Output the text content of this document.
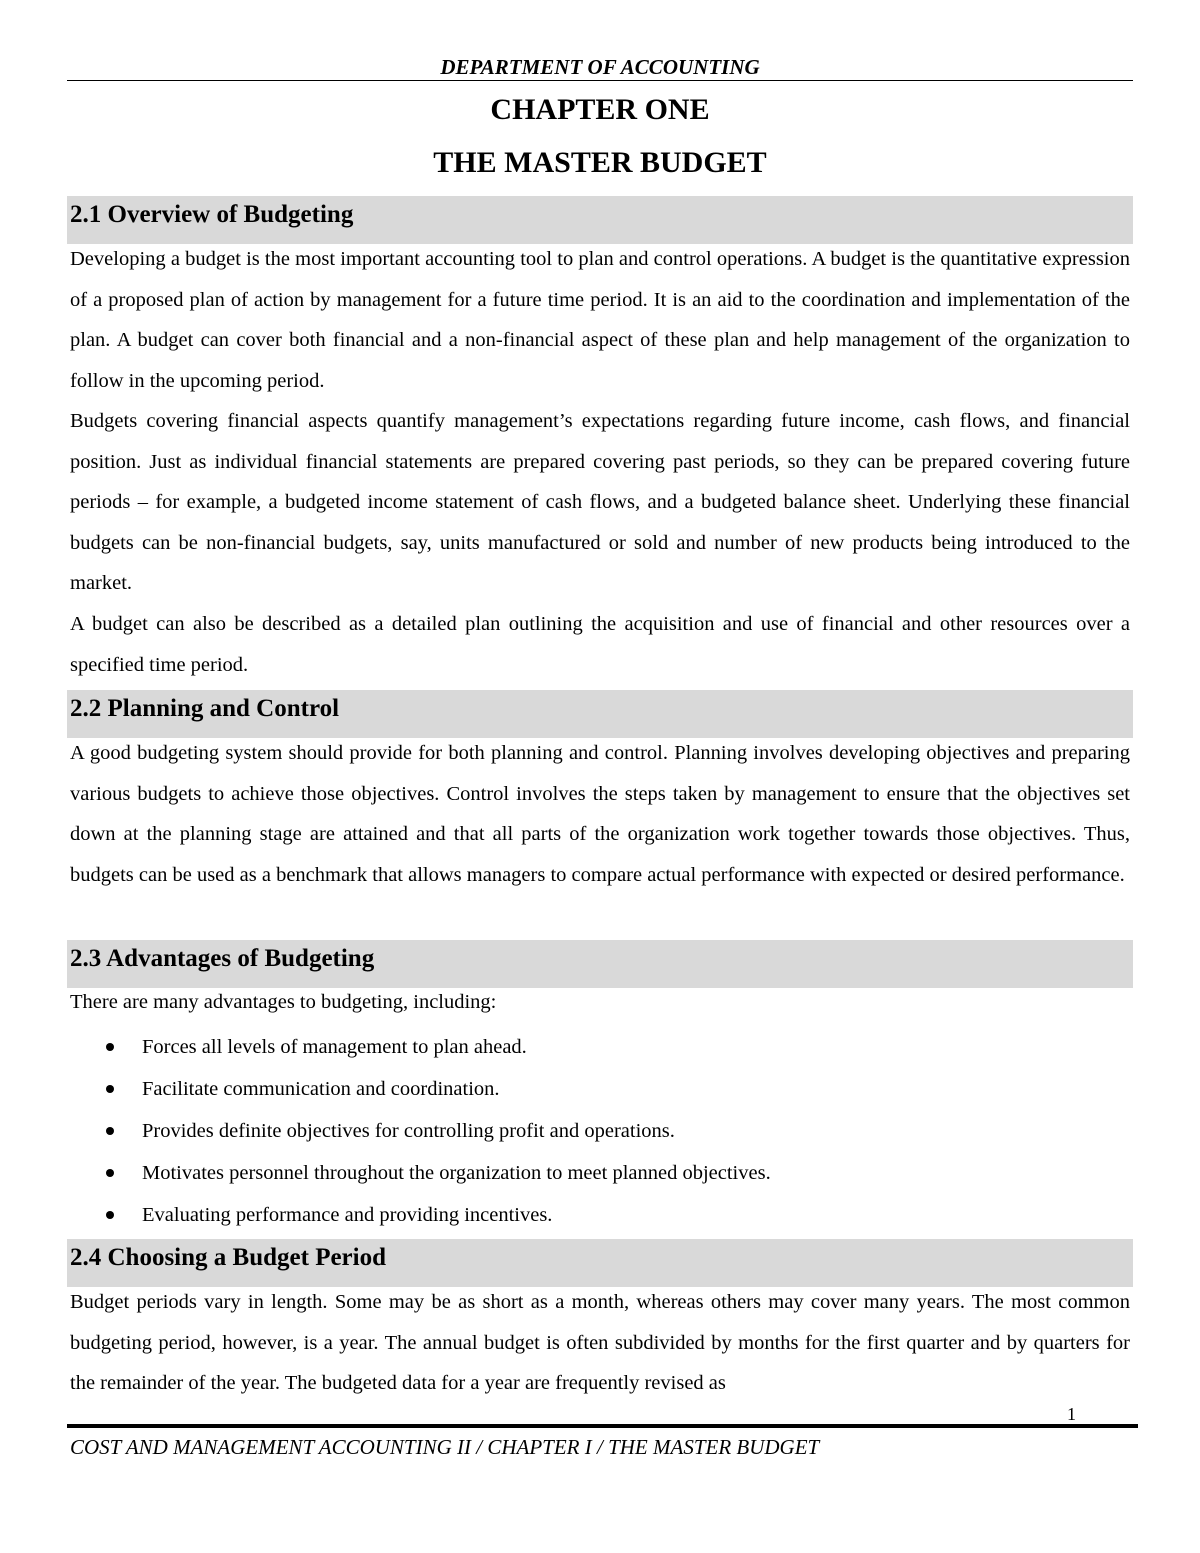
DEPARTMENT OF ACCOUNTING
CHAPTER ONE
THE MASTER BUDGET
2.1 Overview of Budgeting

Developing a budget is the most important accounting tool to plan and control operations. A budget is the quantitative expression of a proposed plan of action by management for a future time period. It is an aid to the coordination and implementation of the plan. A budget can cover both financial and a non-financial aspect of these plan and help management of the organization to follow in the upcoming period.

Budgets covering financial aspects quantify management’s expectations regarding future income, cash flows, and financial position. Just as individual financial statements are prepared covering past periods, so they can be prepared covering future periods – for example, a budgeted income statement of cash flows, and a budgeted balance sheet. Underlying these financial budgets can be non-financial budgets, say, units manufactured or sold and number of new products being introduced to the market.

A budget can also be described as a detailed plan outlining the acquisition and use of financial and other resources over a specified time period.

2.2 Planning and Control

A good budgeting system should provide for both planning and control. Planning involves developing objectives and preparing various budgets to achieve those objectives. Control involves the steps taken by management to ensure that the objectives set down at the planning stage are attained and that all parts of the organization work together towards those objectives. Thus, budgets can be used as a benchmark that allows managers to compare actual performance with expected or desired performance.

2.3 Advantages of Budgeting

There are many advantages to budgeting, including:

Forces all levels of management to plan ahead.
Facilitate communication and coordination.
Provides definite objectives for controlling profit and operations.
Motivates personnel throughout the organization to meet planned objectives.
Evaluating performance and providing incentives.
2.4 Choosing a Budget Period

Budget periods vary in length. Some may be as short as a month, whereas others may cover many years. The most common budgeting period, however, is a year. The annual budget is often subdivided by months for the first quarter and by quarters for the remainder of the year. The budgeted data for a year are frequently revised as

1
COST AND MANAGEMENT ACCOUNTING II / CHAPTER I / THE MASTER BUDGET
